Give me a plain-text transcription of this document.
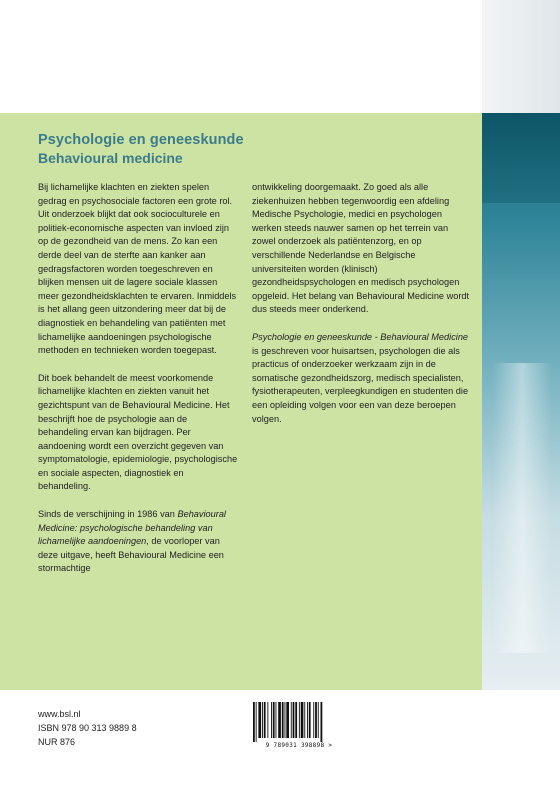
Psychologie en geneeskunde
Behavioural medicine

Bij lichamelijke klachten en ziekten spelen gedrag en psychosociale factoren een grote rol. Uit onderzoek blijkt dat ook socioculturele en politiek-economische aspecten van invloed zijn op de gezondheid van de mens. Zo kan een derde deel van de sterfte aan kanker aan gedragsfactoren worden toegeschreven en blijken mensen uit de lagere sociale klassen meer gezondheidsklachten te ervaren. Inmiddels is het allang geen uitzondering meer dat bij de diagnostiek en behandeling van patiënten met lichamelijke aandoeningen psychologische methoden en technieken worden toegepast.

Dit boek behandelt de meest voorkomende lichamelijke klachten en ziekten vanuit het gezichtspunt van de Behavioural Medicine. Het beschrijft hoe de psychologie aan de behandeling ervan kan bijdragen. Per aandoening wordt een overzicht gegeven van symptomatologie, epidemiologie, psychologische en sociale aspecten, diagnostiek en behandeling.

Sinds de verschijning in 1986 van Behavioural Medicine: psychologische behandeling van lichamelijke aandoeningen, de voorloper van deze uitgave, heeft Behavioural Medicine een stormachtige

ontwikkeling doorgemaakt. Zo goed als alle ziekenhuizen hebben tegenwoordig een afdeling Medische Psychologie, medici en psychologen werken steeds nauwer samen op het terrein van zowel onderzoek als patiëntenzorg, en op verschillende Nederlandse en Belgische universiteiten worden (klinisch) gezondheidspsychologen en medisch psychologen opgeleid. Het belang van Behavioural Medicine wordt dus steeds meer onderkend.

Psychologie en geneeskunde - Behavioural Medicine is geschreven voor huisartsen, psychologen die als practicus of onderzoeker werkzaam zijn in de somatische gezondheidszorg, medisch specialisten, fysiotherapeuten, verpleegkundigen en studenten die een opleiding volgen voor een van deze beroepen volgen.

www.bsl.nl
ISBN 978 90 313 9889 8
NUR 876	9 789031 398898 >
